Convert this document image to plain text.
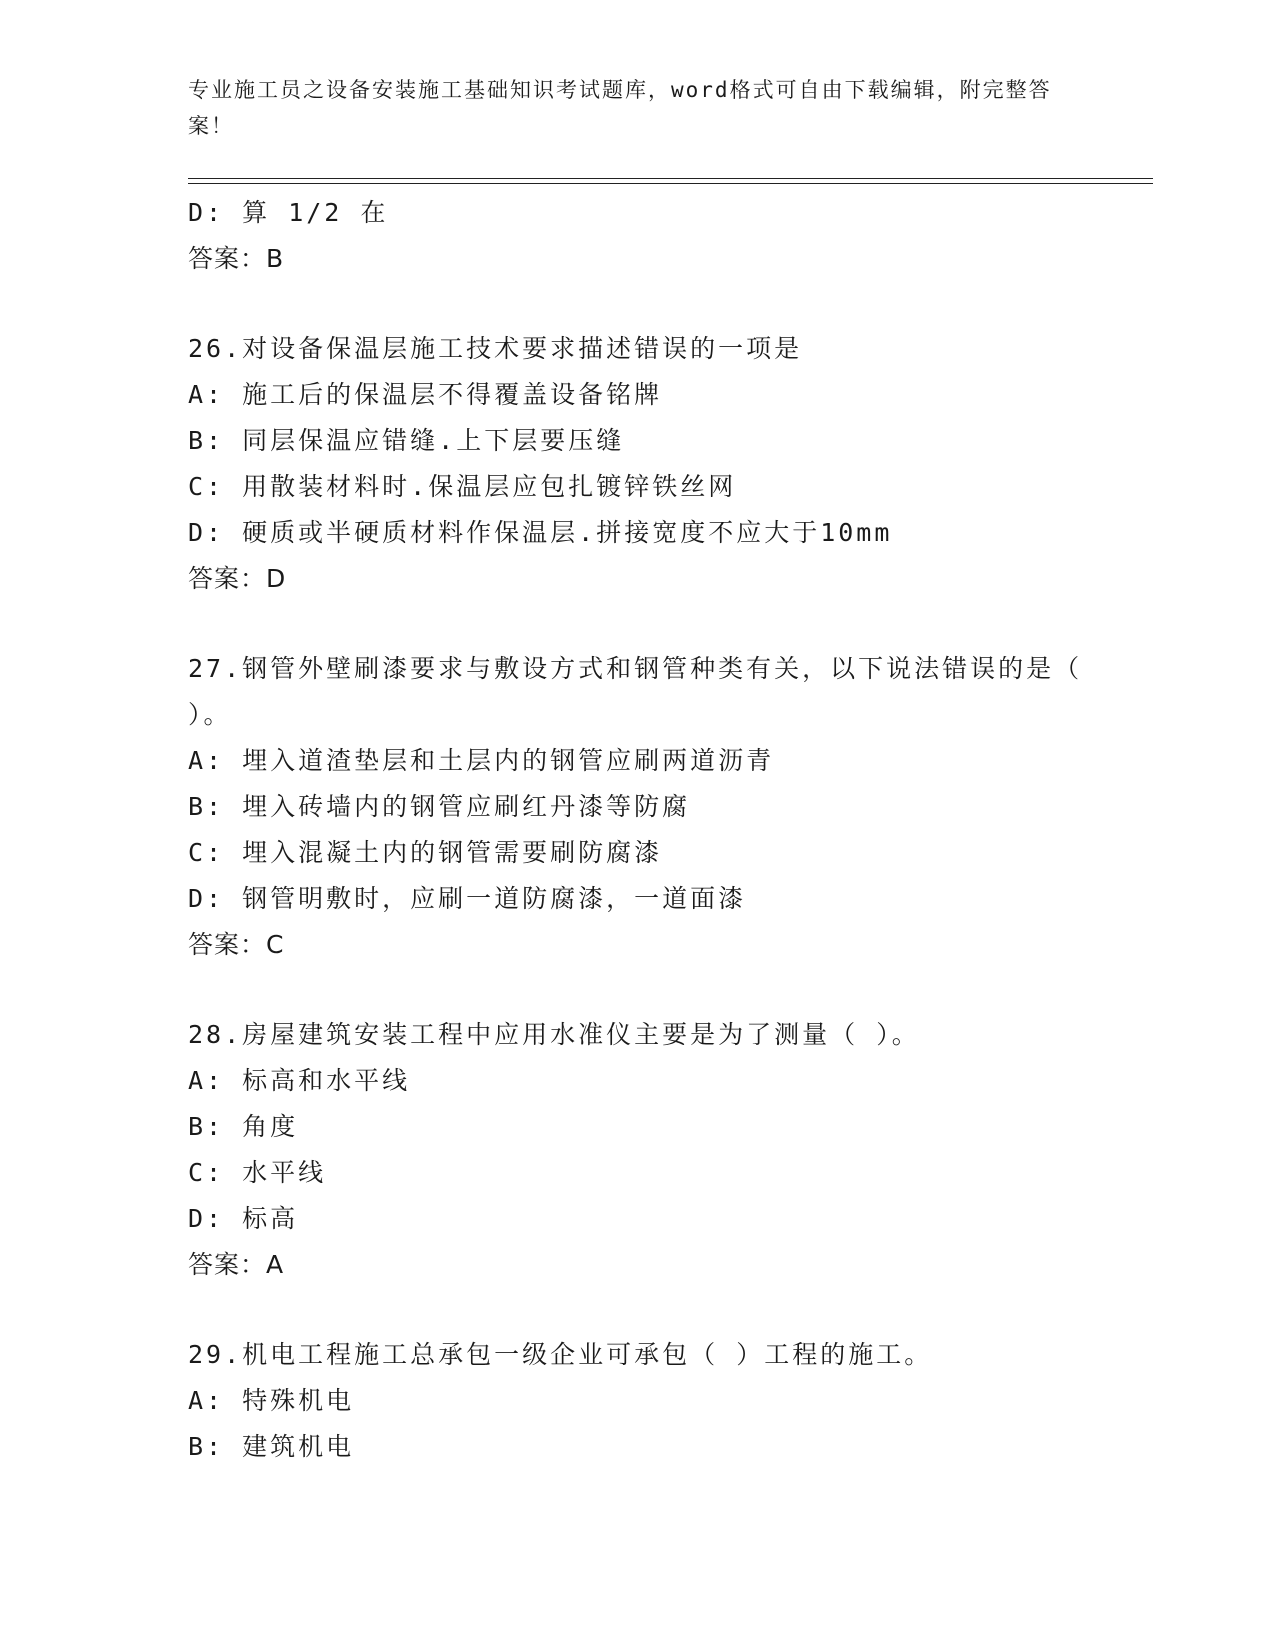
专业施工员之设备安装施工基础知识考试题库，word格式可自由下载编辑，附完整答案！
D: 算 1/2 在
答案：B
26.对设备保温层施工技术要求描述错误的一项是
A: 施工后的保温层不得覆盖设备铭牌
B: 同层保温应错缝.上下层要压缝
C: 用散装材料时.保温层应包扎镀锌铁丝网
D: 硬质或半硬质材料作保温层.拼接宽度不应大于10mm
答案：D
27.钢管外壁刷漆要求与敷设方式和钢管种类有关，以下说法错误的是（ ）。
A: 埋入道渣垫层和土层内的钢管应刷两道沥青
B: 埋入砖墙内的钢管应刷红丹漆等防腐
C: 埋入混凝土内的钢管需要刷防腐漆
D: 钢管明敷时，应刷一道防腐漆，一道面漆
答案：C
28.房屋建筑安装工程中应用水准仪主要是为了测量（ ）。
A: 标高和水平线
B: 角度
C: 水平线
D: 标高
答案：A
29.机电工程施工总承包一级企业可承包（ ）工程的施工。
A: 特殊机电
B: 建筑机电
